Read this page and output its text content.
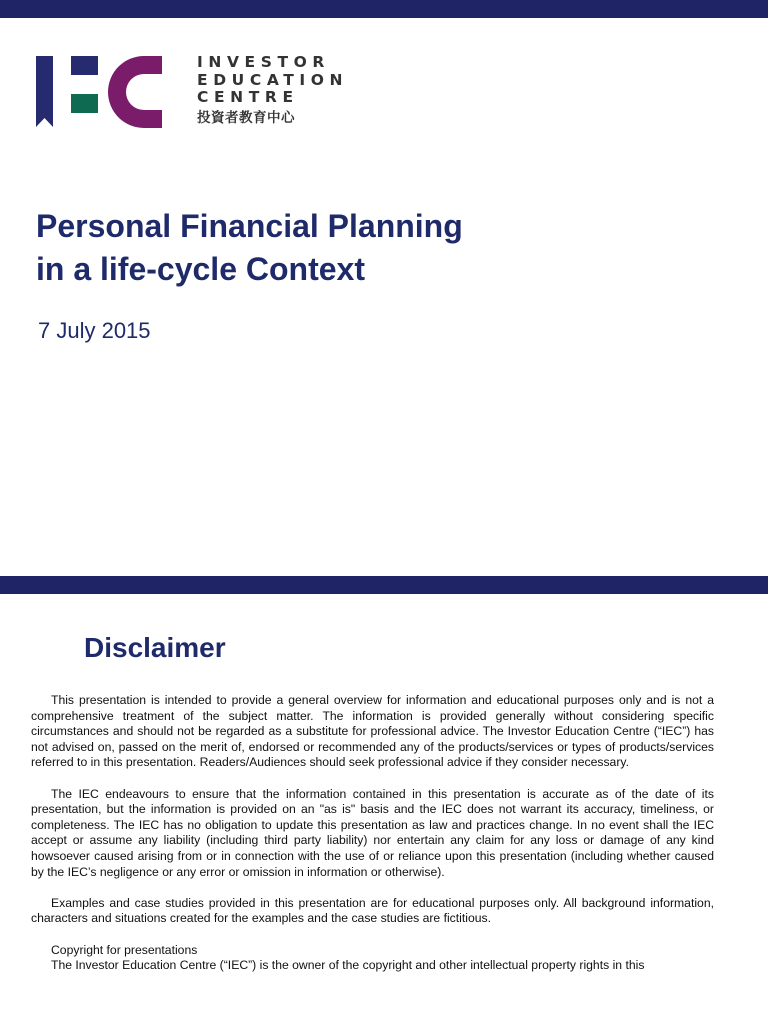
INVESTOR
EDUCATION
CENTRE
投資者教育中心
Personal Financial Planning
in a life-cycle Context
7 July 2015
Disclaimer

This presentation is intended to provide a general overview for information and educational purposes only and is not a comprehensive treatment of the subject matter. The information is provided generally without considering specific circumstances and should not be regarded as a substitute for professional advice. The Investor Education Centre (“IEC”) has not advised on, passed on the merit of, endorsed or recommended any of the products/services or types of products/services referred to in this presentation. Readers/Audiences should seek professional advice if they consider necessary.

The IEC endeavours to ensure that the information contained in this presentation is accurate as of the date of its presentation, but the information is provided on an "as is" basis and the IEC does not warrant its accuracy, timeliness, or completeness. The IEC has no obligation to update this presentation as law and practices change. In no event shall the IEC accept or assume any liability (including third party liability) nor entertain any claim for any loss or damage of any kind howsoever caused arising from or in connection with the use of or reliance upon this presentation (including whether caused by the IEC’s negligence or any error or omission in information or otherwise).

Examples and case studies provided in this presentation are for educational purposes only. All background information, characters and situations created for the examples and the case studies are fictitious.

Copyright for presentations

The Investor Education Centre (“IEC”) is the owner of the copyright and other intellectual property rights in this
